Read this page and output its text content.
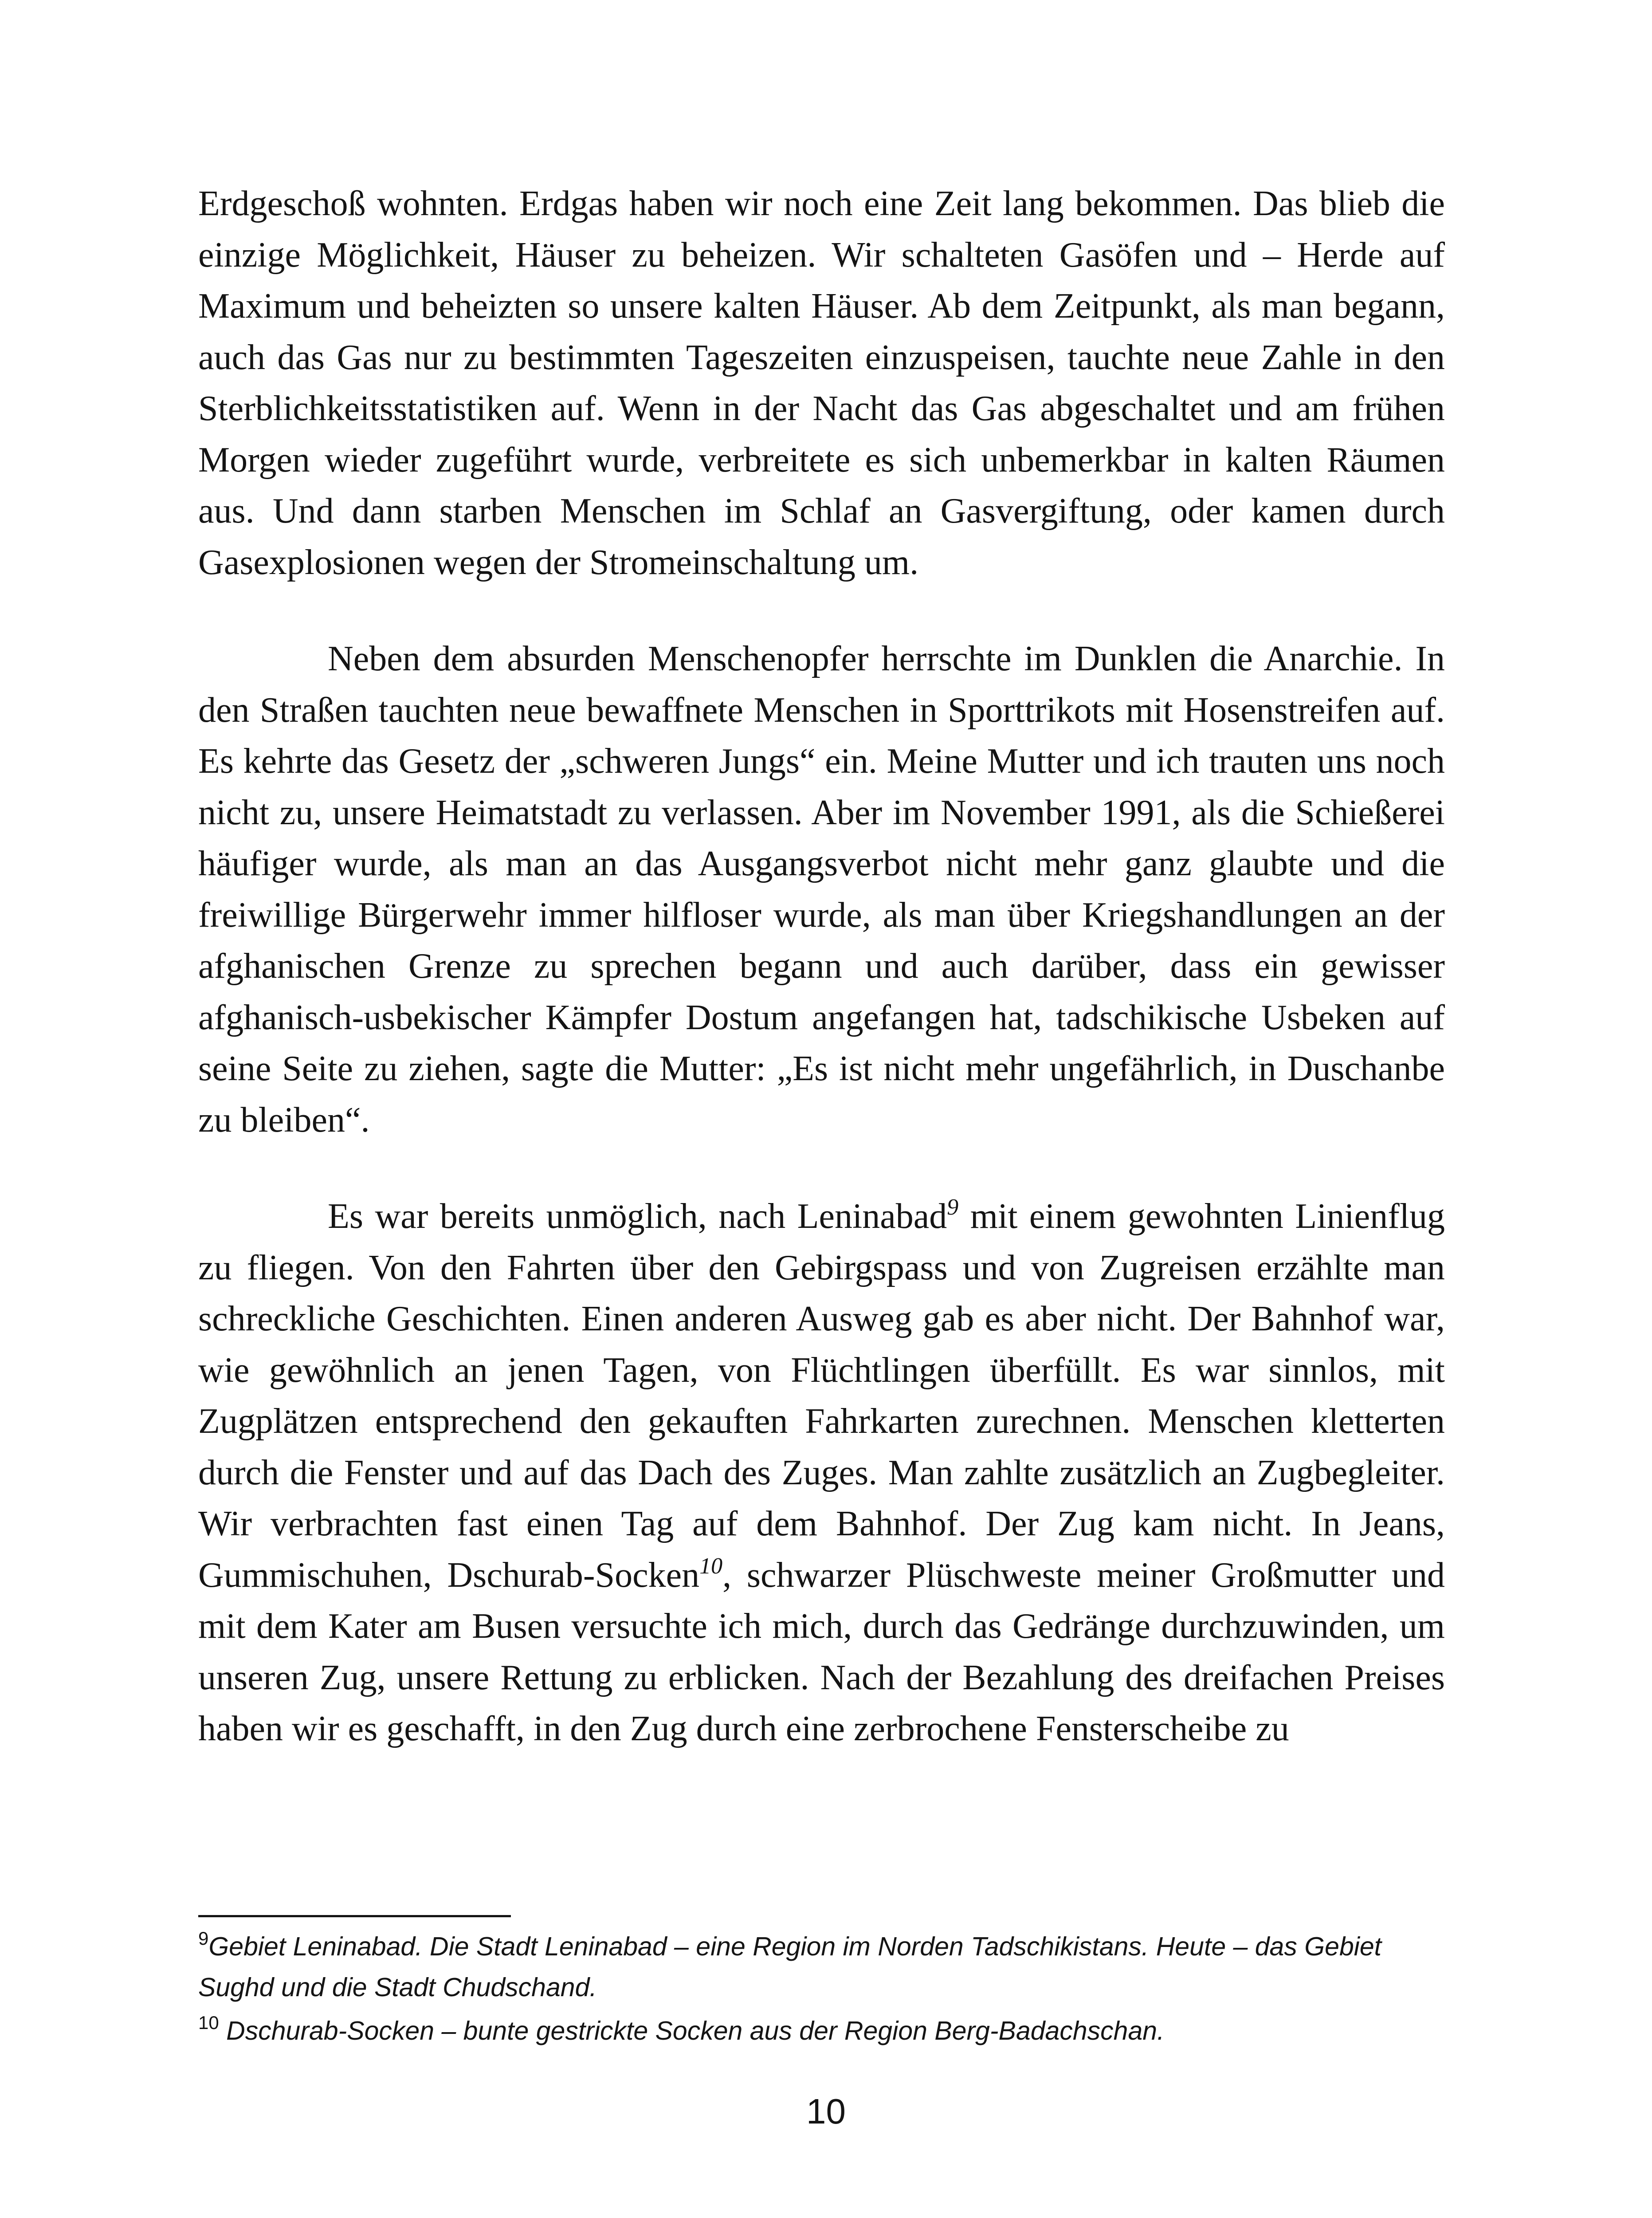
Erdgeschoß wohnten. Erdgas haben wir noch eine Zeit lang bekommen. Das blieb die einzige Möglichkeit, Häuser zu beheizen. Wir schalteten Gasöfen und – Herde auf Maximum und beheizten so unsere kalten Häuser. Ab dem Zeitpunkt, als man begann, auch das Gas nur zu bestimmten Tageszeiten einzuspeisen, tauchte neue Zahle in den Sterblichkeitsstatistiken auf. Wenn in der Nacht das Gas abgeschaltet und am frühen Morgen wieder zugeführt wurde, verbreitete es sich unbemerkbar in kalten Räumen aus. Und dann starben Menschen im Schlaf an Gasvergiftung, oder kamen durch Gasexplosionen wegen der Stromeinschaltung um.

Neben dem absurden Menschenopfer herrschte im Dunklen die Anarchie. In den Straßen tauchten neue bewaffnete Menschen in Sporttrikots mit Hosenstreifen auf. Es kehrte das Gesetz der „schweren Jungs“ ein. Meine Mutter und ich trauten uns noch nicht zu, unsere Heimatstadt zu verlassen. Aber im November 1991, als die Schießerei häufiger wurde, als man an das Ausgangsverbot nicht mehr ganz glaubte und die freiwillige Bürgerwehr immer hilfloser wurde, als man über Kriegshandlungen an der afghanischen Grenze zu sprechen begann und auch darüber, dass ein gewisser afghanisch-usbekischer Kämpfer Dostum angefangen hat, tadschikische Usbeken auf seine Seite zu ziehen, sagte die Mutter: „Es ist nicht mehr ungefährlich, in Duschanbe zu bleiben“.

Es war bereits unmöglich, nach Leninabad$^9$ mit einem gewohnten Linienflug zu fliegen. Von den Fahrten über den Gebirgspass und von Zugreisen erzählte man schreckliche Geschichten. Einen anderen Ausweg gab es aber nicht. Der Bahnhof war, wie gewöhnlich an jenen Tagen, von Flüchtlingen überfüllt. Es war sinnlos, mit Zugplätzen entsprechend den gekauften Fahrkarten zurechnen. Menschen kletterten durch die Fenster und auf das Dach des Zuges. Man zahlte zusätzlich an Zugbegleiter. Wir verbrachten fast einen Tag auf dem Bahnhof. Der Zug kam nicht. In Jeans, Gummischuhen, Dschurab-Socken$^{10}$, schwarzer Plüschweste meiner Großmutter und mit dem Kater am Busen versuchte ich mich, durch das Gedränge durchzuwinden, um unseren Zug, unsere Rettung zu erblicken. Nach der Bezahlung des dreifachen Preises haben wir es geschafft, in den Zug durch eine zerbrochene Fensterscheibe zu

$^9$Gebiet Leninabad. Die Stadt Leninabad – eine Region im Norden Tadschikistans. Heute – das Gebiet Sughd und die Stadt Chudschand.

$^{10}$ Dschurab-Socken – bunte gestrickte Socken aus der Region Berg-Badachschan.

10
